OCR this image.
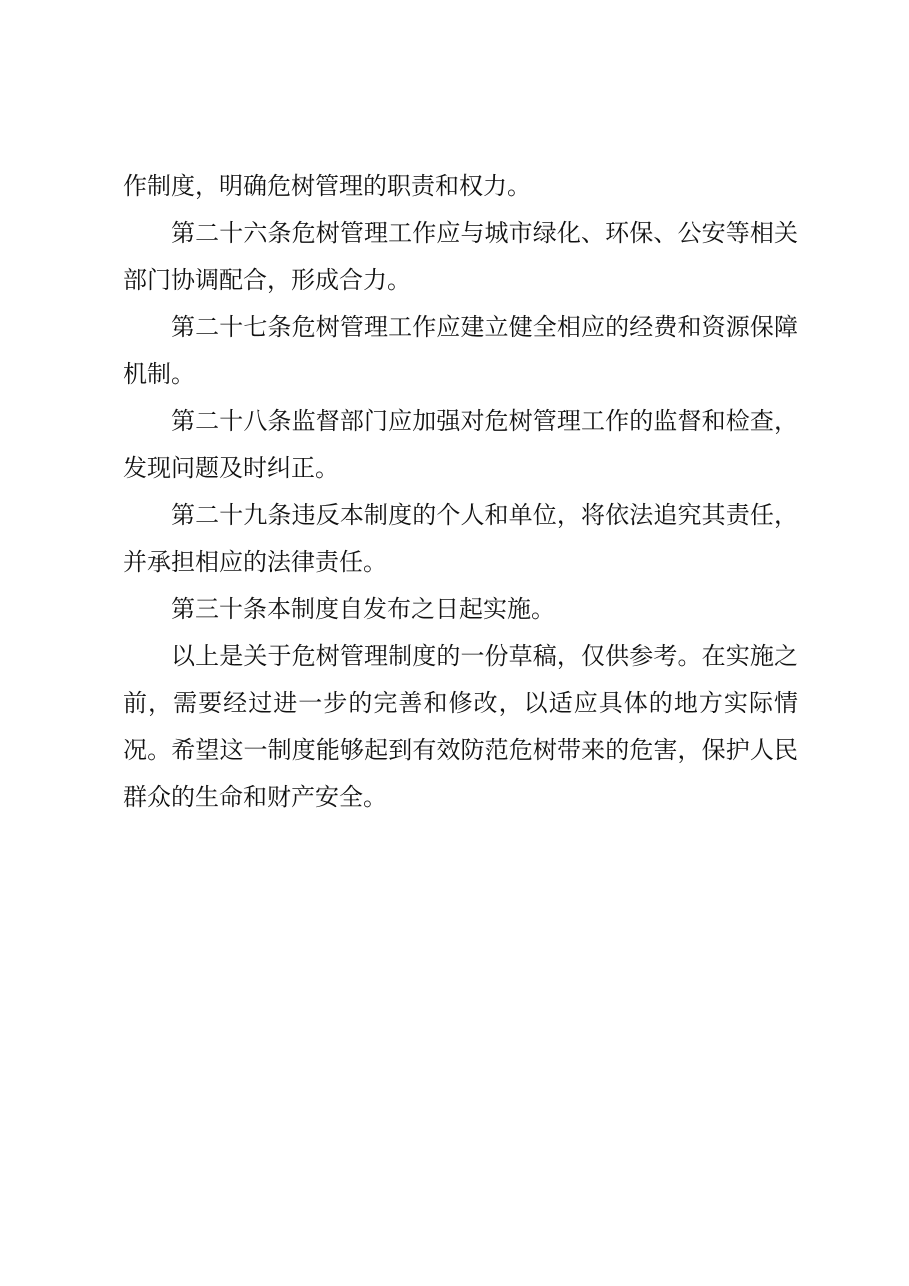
作制度，明确危树管理的职责和权力。

第二十六条危树管理工作应与城市绿化、环保、公安等相关部门协调配合，形成合力。

第二十七条危树管理工作应建立健全相应的经费和资源保障机制。

第二十八条监督部门应加强对危树管理工作的监督和检查，发现问题及时纠正。

第二十九条违反本制度的个人和单位，将依法追究其责任，并承担相应的法律责任。

第三十条本制度自发布之日起实施。

以上是关于危树管理制度的一份草稿，仅供参考。在实施之前，需要经过进一步的完善和修改，以适应具体的地方实际情况。希望这一制度能够起到有效防范危树带来的危害，保护人民群众的生命和财产安全。
